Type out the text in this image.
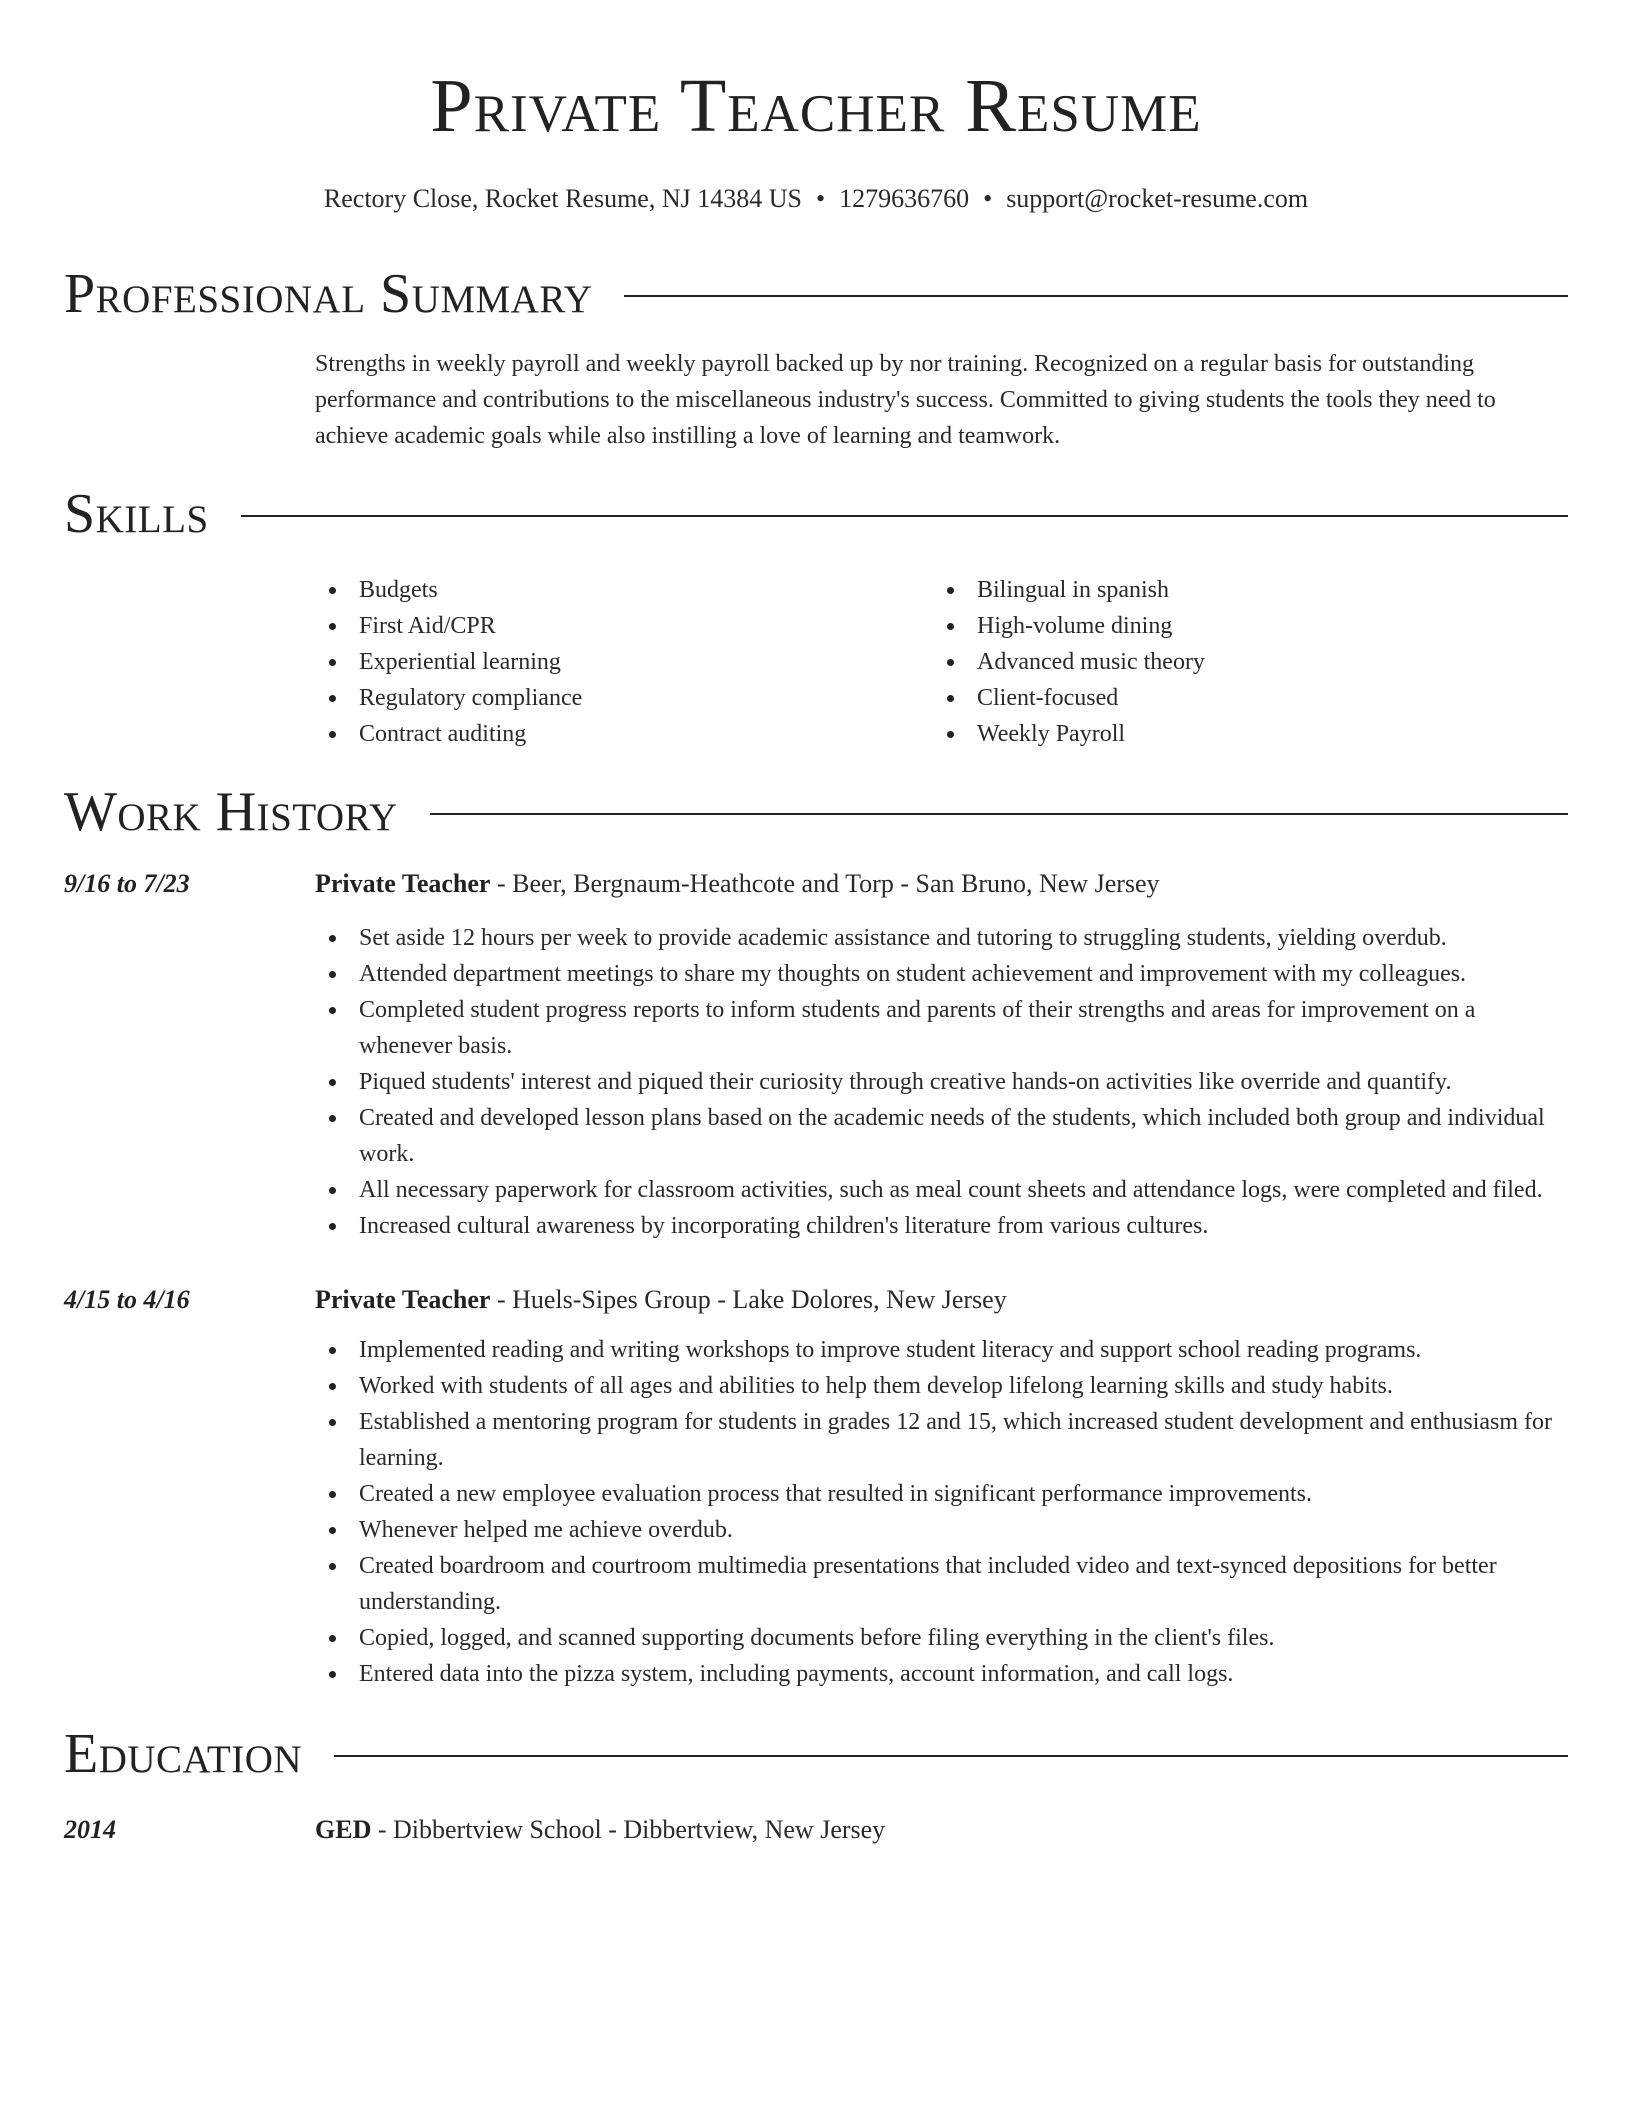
Private Teacher Resume
Rectory Close, Rocket Resume, NJ 14384 US • 1279636760 • support@rocket-resume.com
Professional Summary
Strengths in weekly payroll and weekly payroll backed up by nor training. Recognized on a regular basis for outstanding performance and contributions to the miscellaneous industry's success. Committed to giving students the tools they need to achieve academic goals while also instilling a love of learning and teamwork.
Skills
Budgets
First Aid/CPR
Experiential learning
Regulatory compliance
Contract auditing
Bilingual in spanish
High-volume dining
Advanced music theory
Client-focused
Weekly Payroll
Work History
9/16 to 7/23	Private Teacher - Beer, Bergnaum-Heathcote and Torp - San Bruno, New Jersey
Set aside 12 hours per week to provide academic assistance and tutoring to struggling students, yielding overdub.
Attended department meetings to share my thoughts on student achievement and improvement with my colleagues.
Completed student progress reports to inform students and parents of their strengths and areas for improvement on a whenever basis.
Piqued students' interest and piqued their curiosity through creative hands-on activities like override and quantify.
Created and developed lesson plans based on the academic needs of the students, which included both group and individual work.
All necessary paperwork for classroom activities, such as meal count sheets and attendance logs, were completed and filed.
Increased cultural awareness by incorporating children's literature from various cultures.
4/15 to 4/16	Private Teacher - Huels-Sipes Group - Lake Dolores, New Jersey
Implemented reading and writing workshops to improve student literacy and support school reading programs.
Worked with students of all ages and abilities to help them develop lifelong learning skills and study habits.
Established a mentoring program for students in grades 12 and 15, which increased student development and enthusiasm for learning.
Created a new employee evaluation process that resulted in significant performance improvements.
Whenever helped me achieve overdub.
Created boardroom and courtroom multimedia presentations that included video and text-synced depositions for better understanding.
Copied, logged, and scanned supporting documents before filing everything in the client's files.
Entered data into the pizza system, including payments, account information, and call logs.
Education
2014	GED - Dibbertview School - Dibbertview, New Jersey
